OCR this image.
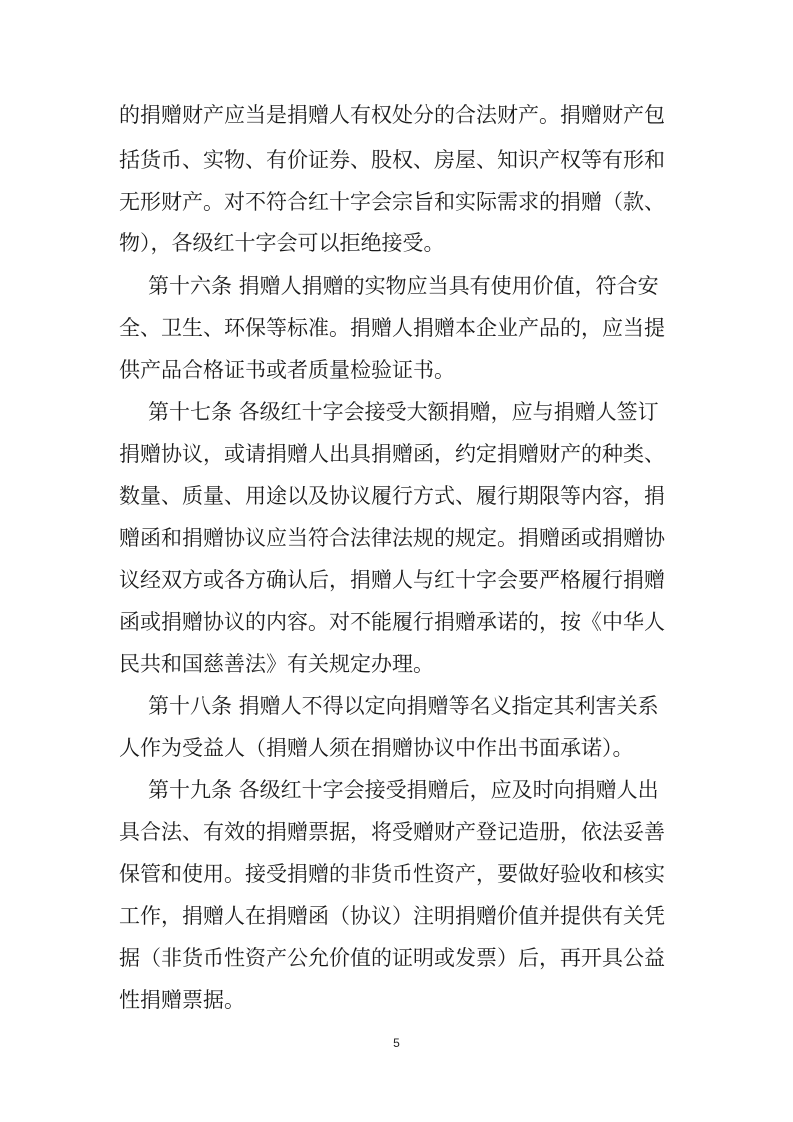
的捐赠财产应当是捐赠人有权处分的合法财产。捐赠财产包
括货币、实物、有价证券、股权、房屋、知识产权等有形和
无形财产。对不符合红十字会宗旨和实际需求的捐赠（款、
物），各级红十字会可以拒绝接受。
第十六条 捐赠人捐赠的实物应当具有使用价值，符合安
全、卫生、环保等标准。捐赠人捐赠本企业产品的，应当提
供产品合格证书或者质量检验证书。
第十七条 各级红十字会接受大额捐赠，应与捐赠人签订
捐赠协议，或请捐赠人出具捐赠函，约定捐赠财产的种类、
数量、质量、用途以及协议履行方式、履行期限等内容，捐
赠函和捐赠协议应当符合法律法规的规定。捐赠函或捐赠协
议经双方或各方确认后，捐赠人与红十字会要严格履行捐赠
函或捐赠协议的内容。对不能履行捐赠承诺的，按《中华人
民共和国慈善法》有关规定办理。
第十八条 捐赠人不得以定向捐赠等名义指定其利害关系
人作为受益人（捐赠人须在捐赠协议中作出书面承诺）。
第十九条 各级红十字会接受捐赠后，应及时向捐赠人出
具合法、有效的捐赠票据，将受赠财产登记造册，依法妥善
保管和使用。接受捐赠的非货币性资产，要做好验收和核实
工作，捐赠人在捐赠函（协议）注明捐赠价值并提供有关凭
据（非货币性资产公允价值的证明或发票）后，再开具公益
性捐赠票据。
5
